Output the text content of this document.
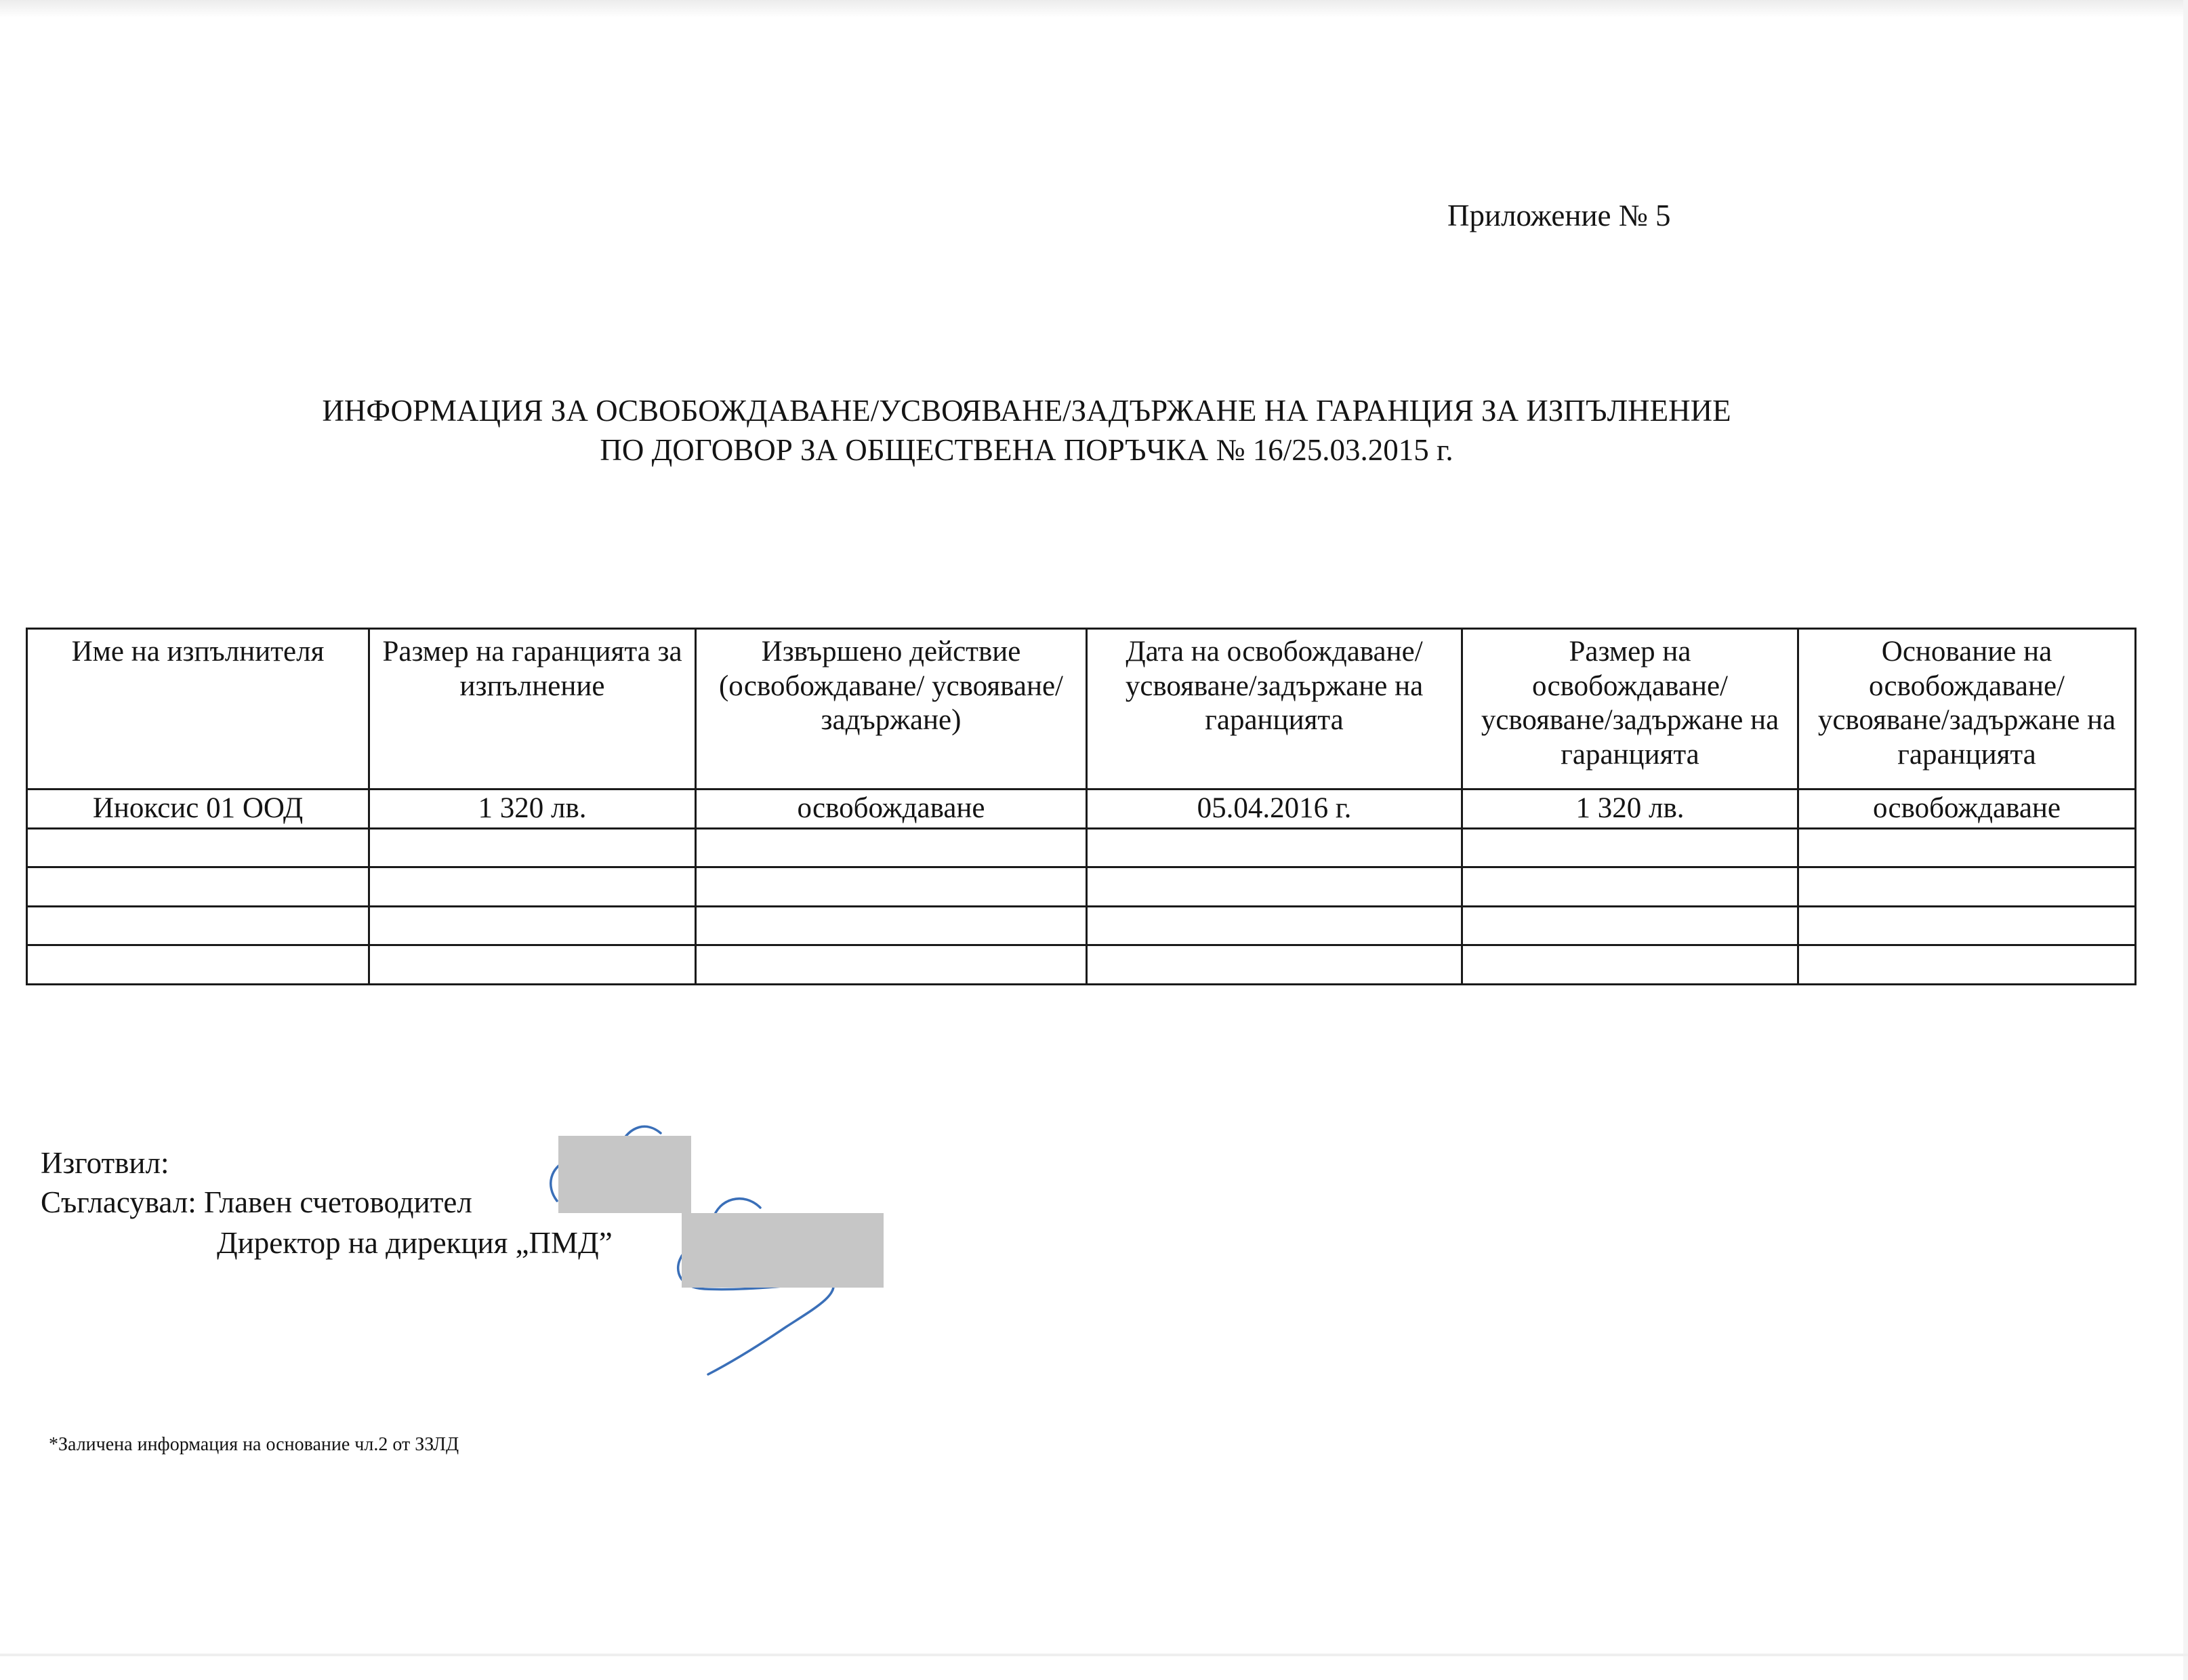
Приложение № 5
ИНФОРМАЦИЯ ЗА ОСВОБОЖДАВАНЕ/УСВОЯВАНЕ/ЗАДЪРЖАНЕ НА ГАРАНЦИЯ ЗА ИЗПЪЛНЕНИЕ
ПО ДОГОВОР ЗА ОБЩЕСТВЕНА ПОРЪЧКА № 16/25.03.2015 г.
Име на изпълнителя	Размер на гаранцията за изпълнение	Извършено действие (освобождаване/ усвояване/задържане)	Дата на освобождаване/ усвояване/задържане на гаранцията	Размер на освобождаване/ усвояване/задържане на гаранцията	Основание на освобождаване/ усвояване/задържане на гаранцията
Иноксис 01 ООД	1 320 лв.	освобождаване	05.04.2016 г.	1 320 лв.	освобождаване

Изготвил:
Съгласувал: Главен счетоводител
Директор на дирекция „ПМД”
*Заличена информация на основание чл.2 от ЗЗЛД
